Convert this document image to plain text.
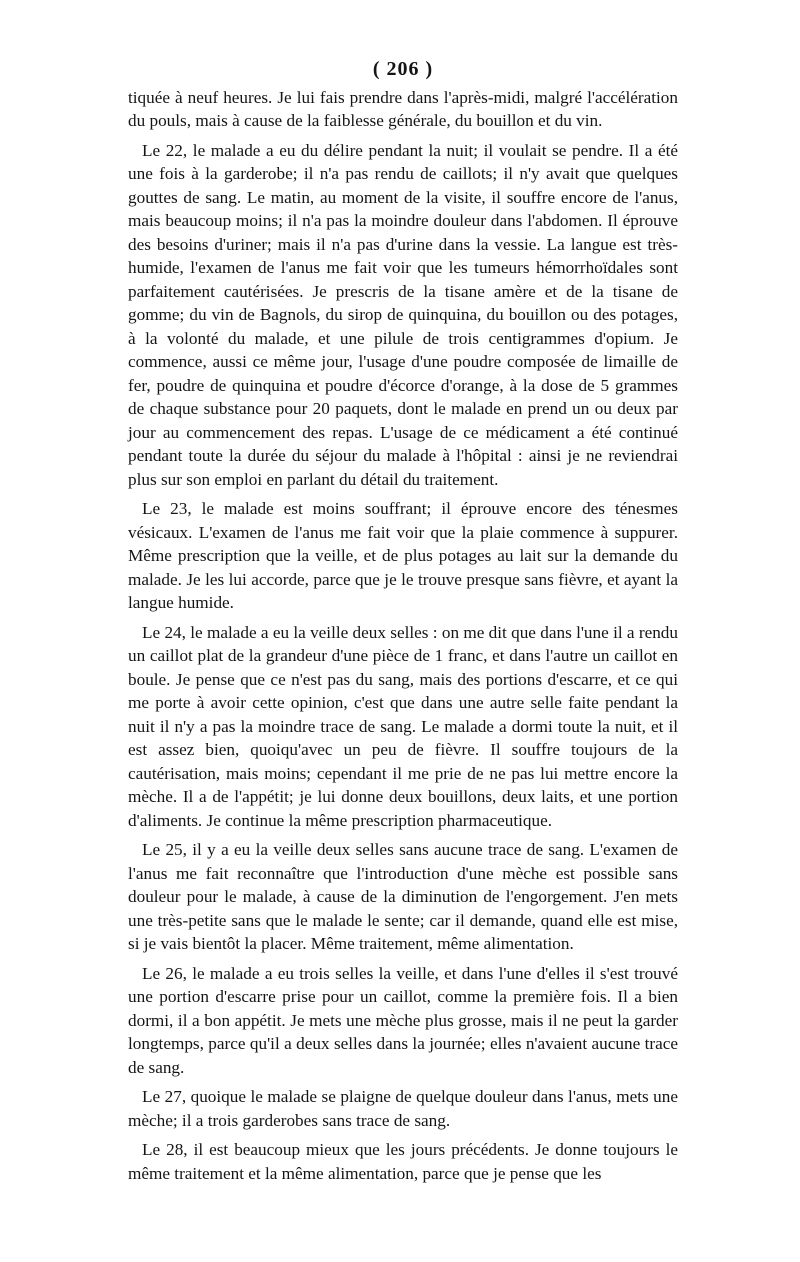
( 206 )

tiquée à neuf heures. Je lui fais prendre dans l'après-midi, malgré l'accélération du pouls, mais à cause de la faiblesse générale, du bouillon et du vin.

Le 22, le malade a eu du délire pendant la nuit; il voulait se pendre. Il a été une fois à la garderobe; il n'a pas rendu de caillots; il n'y avait que quelques gouttes de sang. Le matin, au moment de la visite, il souffre encore de l'anus, mais beaucoup moins; il n'a pas la moindre douleur dans l'abdomen. Il éprouve des besoins d'uriner; mais il n'a pas d'urine dans la vessie. La langue est très-humide, l'examen de l'anus me fait voir que les tumeurs hémorrhoïdales sont parfaitement cautérisées. Je prescris de la tisane amère et de la tisane de gomme; du vin de Bagnols, du sirop de quinquina, du bouillon ou des potages, à la volonté du malade, et une pilule de trois centigrammes d'opium. Je commence, aussi ce même jour, l'usage d'une poudre composée de limaille de fer, poudre de quinquina et poudre d'écorce d'orange, à la dose de 5 grammes de chaque substance pour 20 paquets, dont le malade en prend un ou deux par jour au commencement des repas. L'usage de ce médicament a été continué pendant toute la durée du séjour du malade à l'hôpital : ainsi je ne reviendrai plus sur son emploi en parlant du détail du traitement.

Le 23, le malade est moins souffrant; il éprouve encore des ténesmes vésicaux. L'examen de l'anus me fait voir que la plaie commence à suppurer. Même prescription que la veille, et de plus potages au lait sur la demande du malade. Je les lui accorde, parce que je le trouve presque sans fièvre, et ayant la langue humide.

Le 24, le malade a eu la veille deux selles : on me dit que dans l'une il a rendu un caillot plat de la grandeur d'une pièce de 1 franc, et dans l'autre un caillot en boule. Je pense que ce n'est pas du sang, mais des portions d'escarre, et ce qui me porte à avoir cette opinion, c'est que dans une autre selle faite pendant la nuit il n'y a pas la moindre trace de sang. Le malade a dormi toute la nuit, et il est assez bien, quoiqu'avec un peu de fièvre. Il souffre toujours de la cautérisation, mais moins; cependant il me prie de ne pas lui mettre encore la mèche. Il a de l'appétit; je lui donne deux bouillons, deux laits, et une portion d'aliments. Je continue la même prescription pharmaceutique.

Le 25, il y a eu la veille deux selles sans aucune trace de sang. L'examen de l'anus me fait reconnaître que l'introduction d'une mèche est possible sans douleur pour le malade, à cause de la diminution de l'engorgement. J'en mets une très-petite sans que le malade le sente; car il demande, quand elle est mise, si je vais bientôt la placer. Même traitement, même alimentation.

Le 26, le malade a eu trois selles la veille, et dans l'une d'elles il s'est trouvé une portion d'escarre prise pour un caillot, comme la première fois. Il a bien dormi, il a bon appétit. Je mets une mèche plus grosse, mais il ne peut la garder longtemps, parce qu'il a deux selles dans la journée; elles n'avaient aucune trace de sang.

Le 27, quoique le malade se plaigne de quelque douleur dans l'anus, mets une mèche; il a trois garderobes sans trace de sang.

Le 28, il est beaucoup mieux que les jours précédents. Je donne toujours le même traitement et la même alimentation, parce que je pense que les
